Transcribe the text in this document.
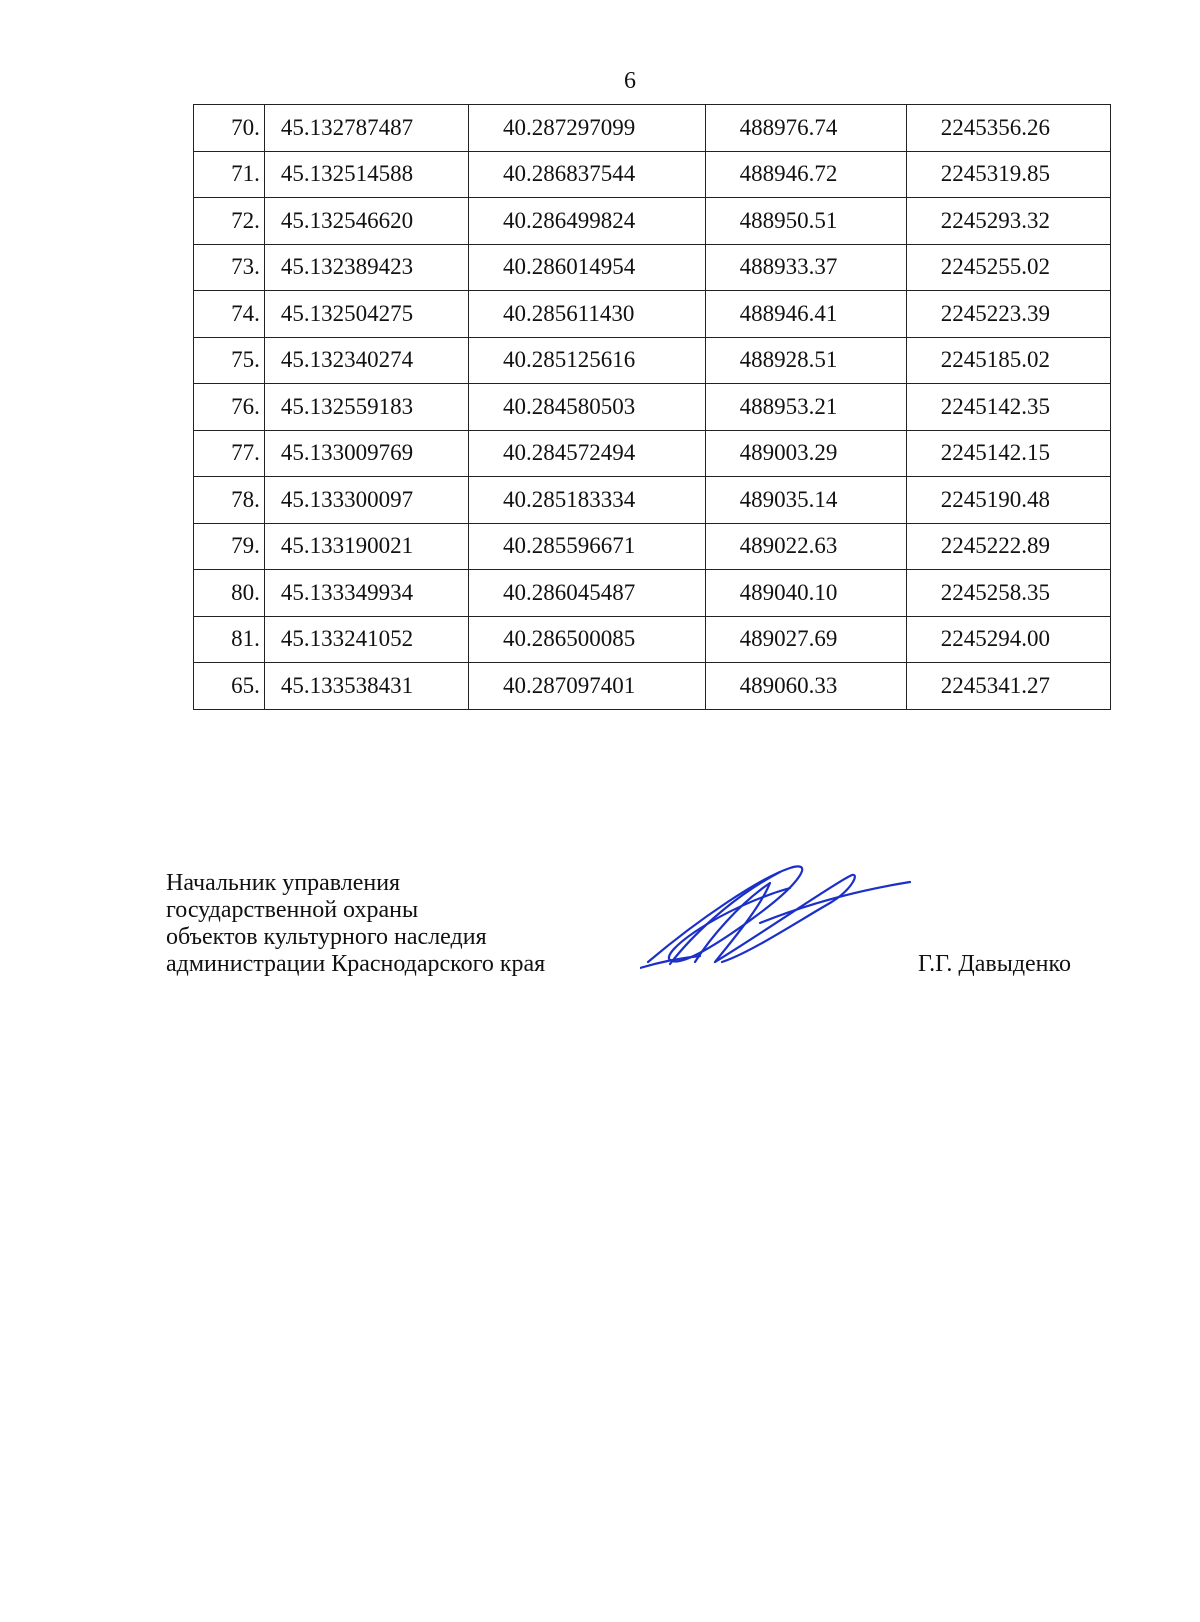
6
70.	45.132787487	40.287297099	488976.74	2245356.26
71.	45.132514588	40.286837544	488946.72	2245319.85
72.	45.132546620	40.286499824	488950.51	2245293.32
73.	45.132389423	40.286014954	488933.37	2245255.02
74.	45.132504275	40.285611430	488946.41	2245223.39
75.	45.132340274	40.285125616	488928.51	2245185.02
76.	45.132559183	40.284580503	488953.21	2245142.35
77.	45.133009769	40.284572494	489003.29	2245142.15
78.	45.133300097	40.285183334	489035.14	2245190.48
79.	45.133190021	40.285596671	489022.63	2245222.89
80.	45.133349934	40.286045487	489040.10	2245258.35
81.	45.133241052	40.286500085	489027.69	2245294.00
65.	45.133538431	40.287097401	489060.33	2245341.27
Начальник управления
государственной охраны
объектов культурного наследия
администрации Краснодарского края	Г.Г. Давыденко
